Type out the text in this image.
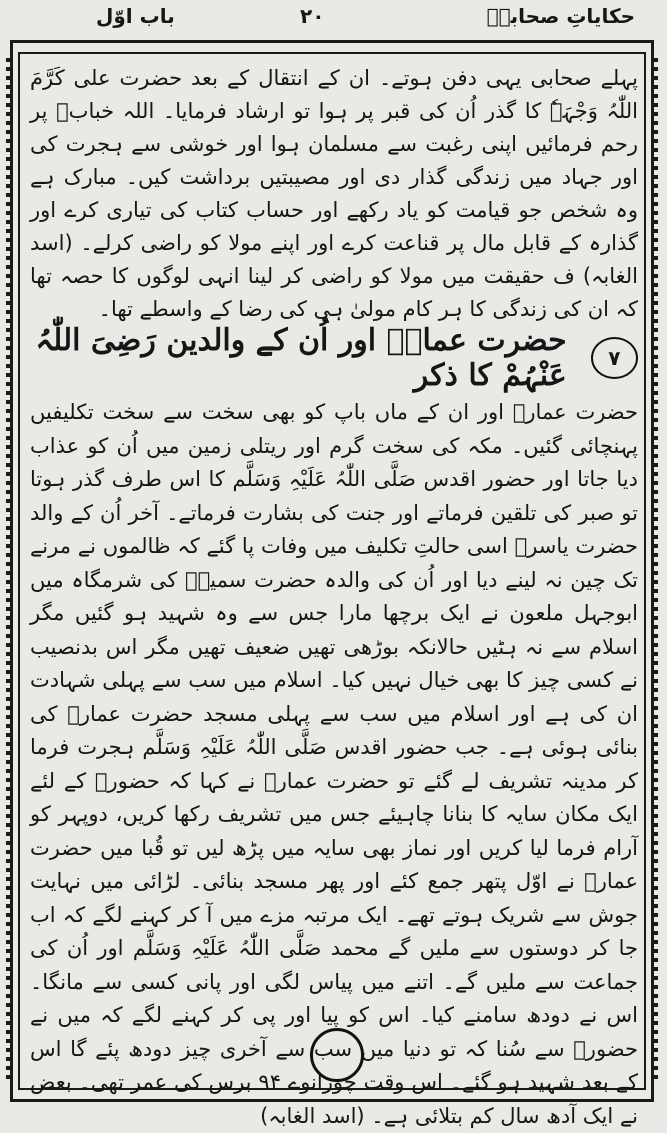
حکایاتِ صحابہؓ
۲۰
باب اوّل

پہلے صحابی یہی دفن ہوتے۔ ان کے انتقال کے بعد حضرت علی کَرَّمَ اللّٰہُ وَجْہَہٗ کا گذر اُن کی قبر پر ہوا تو ارشاد فرمایا۔ اللہ خبابؓ پر رحم فرمائیں اپنی رغبت سے مسلمان ہوا اور خوشی سے ہجرت کی اور جہاد میں زندگی گذار دی اور مصیبتیں برداشت کیں۔ مبارک ہے وہ شخص جو قیامت کو یاد رکھے اور حساب کتاب کی تیاری کرے اور گذارہ کے قابل مال پر قناعت کرے اور اپنے مولا کو راضی کرلے۔ (اسد الغابہ) ف حقیقت میں مولا کو راضی کر لینا انہی لوگوں کا حصہ تھا کہ ان کی زندگی کا ہر کام مولیٰ ہی کی رضا کے واسطے تھا۔

۷
حضرت عمارؓ اور اُن کے والدین رَضِیَ اللّٰہُ عَنْہُمْ کا ذکر

حضرت عمارؓ اور ان کے ماں باپ کو بھی سخت سے سخت تکلیفیں پہنچائی گئیں۔ مکہ کی سخت گرم اور ریتلی زمین میں اُن کو عذاب دیا جاتا اور حضور اقدس صَلَّی اللّٰہُ عَلَیْہِ وَسَلَّم کا اس طرف گذر ہوتا تو صبر کی تلقین فرماتے اور جنت کی بشارت فرماتے۔ آخر اُن کے والد حضرت یاسرؓ اسی حالتِ تکلیف میں وفات پا گئے کہ ظالموں نے مرنے تک چین نہ لینے دیا اور اُن کی والدہ حضرت سمیہؓ کی شرمگاہ میں ابوجہل ملعون نے ایک برچھا مارا جس سے وہ شہید ہو گئیں مگر اسلام سے نہ ہٹیں حالانکہ بوڑھی تھیں ضعیف تھیں مگر اس بدنصیب نے کسی چیز کا بھی خیال نہیں کیا۔ اسلام میں سب سے پہلی شہادت ان کی ہے اور اسلام میں سب سے پہلی مسجد حضرت عمارؓ کی بنائی ہوئی ہے۔ جب حضور اقدس صَلَّی اللّٰہُ عَلَیْہِ وَسَلَّم ہجرت فرما کر مدینہ تشریف لے گئے تو حضرت عمارؓ نے کہا کہ حضورؐ کے لئے ایک مکان سایہ کا بنانا چاہیئے جس میں تشریف رکھا کریں، دوپہر کو آرام فرما لیا کریں اور نماز بھی سایہ میں پڑھ لیں تو قُبا میں حضرت عمارؓ نے اوّل پتھر جمع کئے اور پھر مسجد بنائی۔ لڑائی میں نہایت جوش سے شریک ہوتے تھے۔ ایک مرتبہ مزے میں آ کر کہنے لگے کہ اب جا کر دوستوں سے ملیں گے محمد صَلَّی اللّٰہُ عَلَیْہِ وَسَلَّم اور اُن کی جماعت سے ملیں گے۔ اتنے میں پیاس لگی اور پانی کسی سے مانگا۔ اس نے دودھ سامنے کیا۔ اس کو پیا اور پی کر کہنے لگے کہ میں نے حضورؐ سے سُنا کہ تو دنیا میں سب سے آخری چیز دودھ پئے گا اس کے بعد شہید ہو گئے۔ اس وقت چورانوے ۹۴ برس کی عمر تھی۔ بعض نے ایک آدھ سال کم بتلائی ہے۔ (اسد الغابہ)
